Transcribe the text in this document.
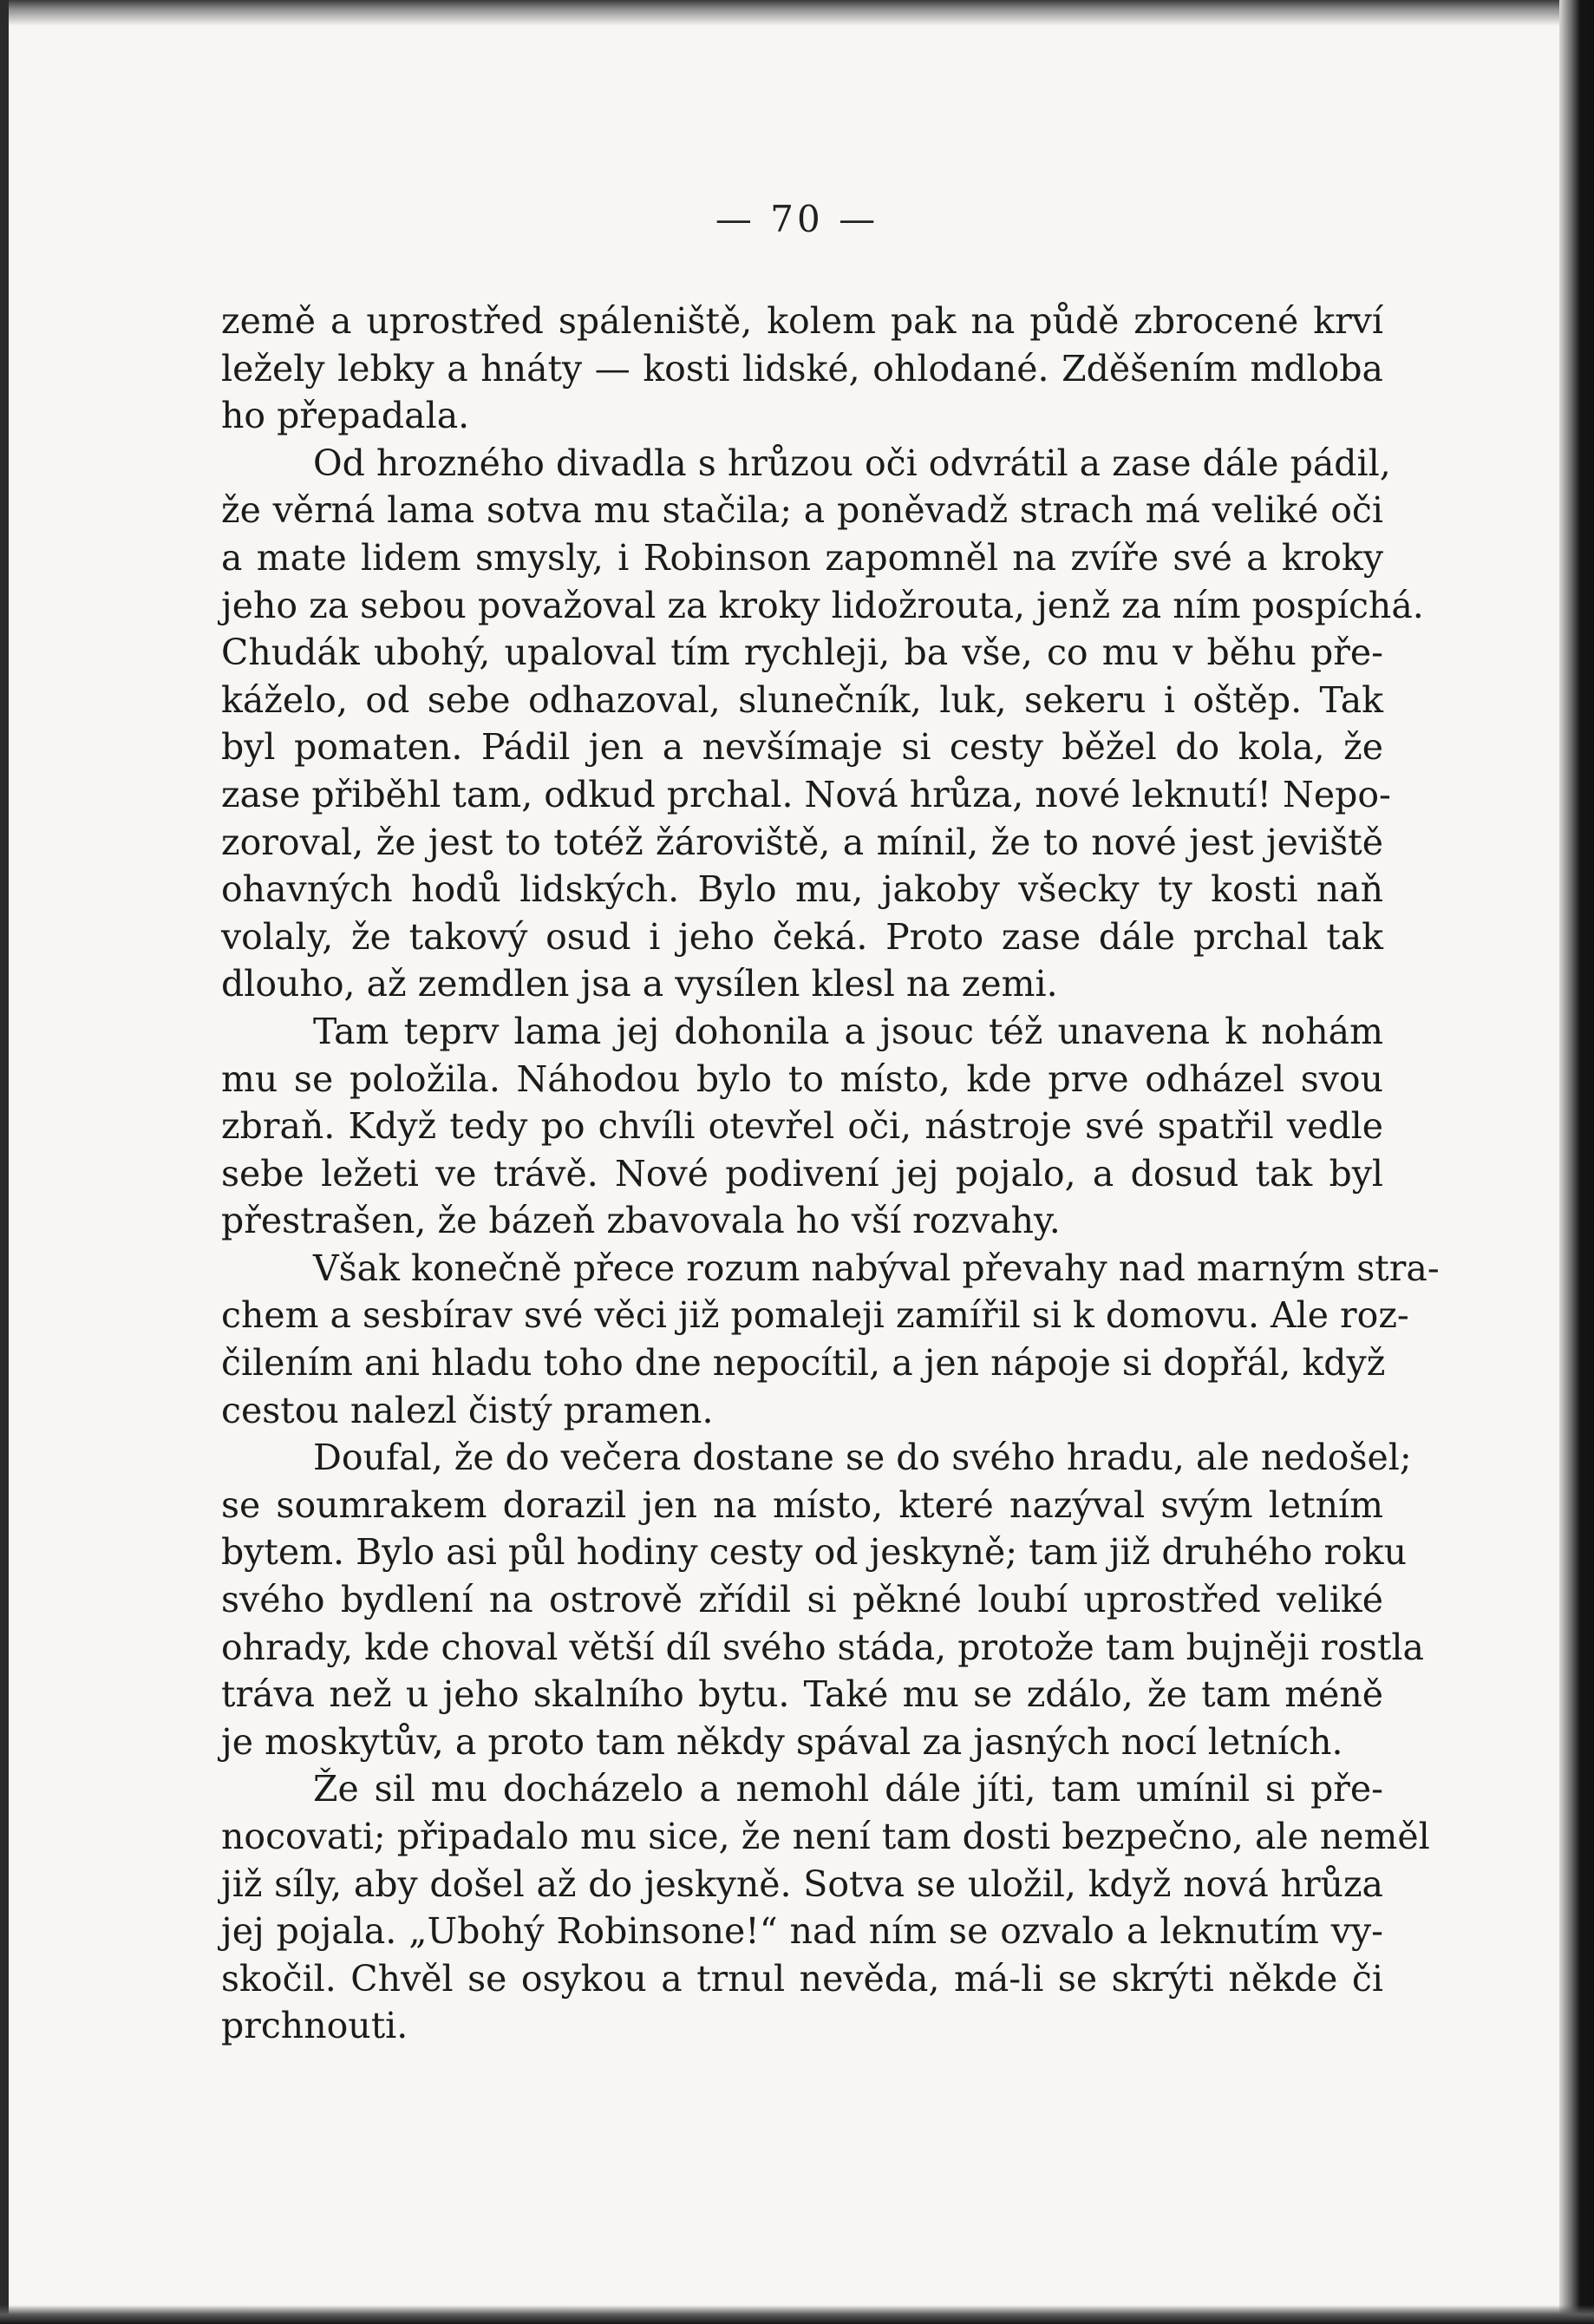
— 70 —
země a uprostřed spáleniště, kolem pak na půdě zbrocené krví
ležely lebky a hnáty — kosti lidské, ohlodané. Zděšením mdloba
ho přepadala.
Od hrozného divadla s hrůzou oči odvrátil a zase dále pádil,
že věrná lama sotva mu stačila; a poněvadž strach má veliké oči
a mate lidem smysly, i Robinson zapomněl na zvíře své a kroky
jeho za sebou považoval za kroky lidožrouta, jenž za ním pospíchá.
Chudák ubohý, upaloval tím rychleji, ba vše, co mu v běhu pře-
káželo, od sebe odhazoval, slunečník, luk, sekeru i oštěp. Tak
byl pomaten. Pádil jen a nevšímaje si cesty běžel do kola, že
zase přiběhl tam, odkud prchal. Nová hrůza, nové leknutí! Nepo-
zoroval, že jest to totéž žároviště, a mínil, že to nové jest jeviště
ohavných hodů lidských. Bylo mu, jakoby všecky ty kosti naň
volaly, že takový osud i jeho čeká. Proto zase dále prchal tak
dlouho, až zemdlen jsa a vysílen klesl na zemi.
Tam teprv lama jej dohonila a jsouc též unavena k nohám
mu se položila. Náhodou bylo to místo, kde prve odházel svou
zbraň. Když tedy po chvíli otevřel oči, nástroje své spatřil vedle
sebe ležeti ve trávě. Nové podivení jej pojalo, a dosud tak byl
přestrašen, že bázeň zbavovala ho vší rozvahy.
Však konečně přece rozum nabýval převahy nad marným stra-
chem a sesbírav své věci již pomaleji zamířil si k domovu. Ale roz-
čilením ani hladu toho dne nepocítil, a jen nápoje si dopřál, když
cestou nalezl čistý pramen.
Doufal, že do večera dostane se do svého hradu, ale nedošel;
se soumrakem dorazil jen na místo, které nazýval svým letním
bytem. Bylo asi půl hodiny cesty od jeskyně; tam již druhého roku
svého bydlení na ostrově zřídil si pěkné loubí uprostřed veliké
ohrady, kde choval větší díl svého stáda, protože tam bujněji rostla
tráva než u jeho skalního bytu. Také mu se zdálo, že tam méně
je moskytův, a proto tam někdy spával za jasných nocí letních.
Že sil mu docházelo a nemohl dále jíti, tam umínil si pře-
nocovati; připadalo mu sice, že není tam dosti bezpečno, ale neměl
již síly, aby došel až do jeskyně. Sotva se uložil, když nová hrůza
jej pojala. „Ubohý Robinsone!“ nad ním se ozvalo a leknutím vy-
skočil. Chvěl se osykou a trnul nevěda, má-li se skrýti někde či
prchnouti.
